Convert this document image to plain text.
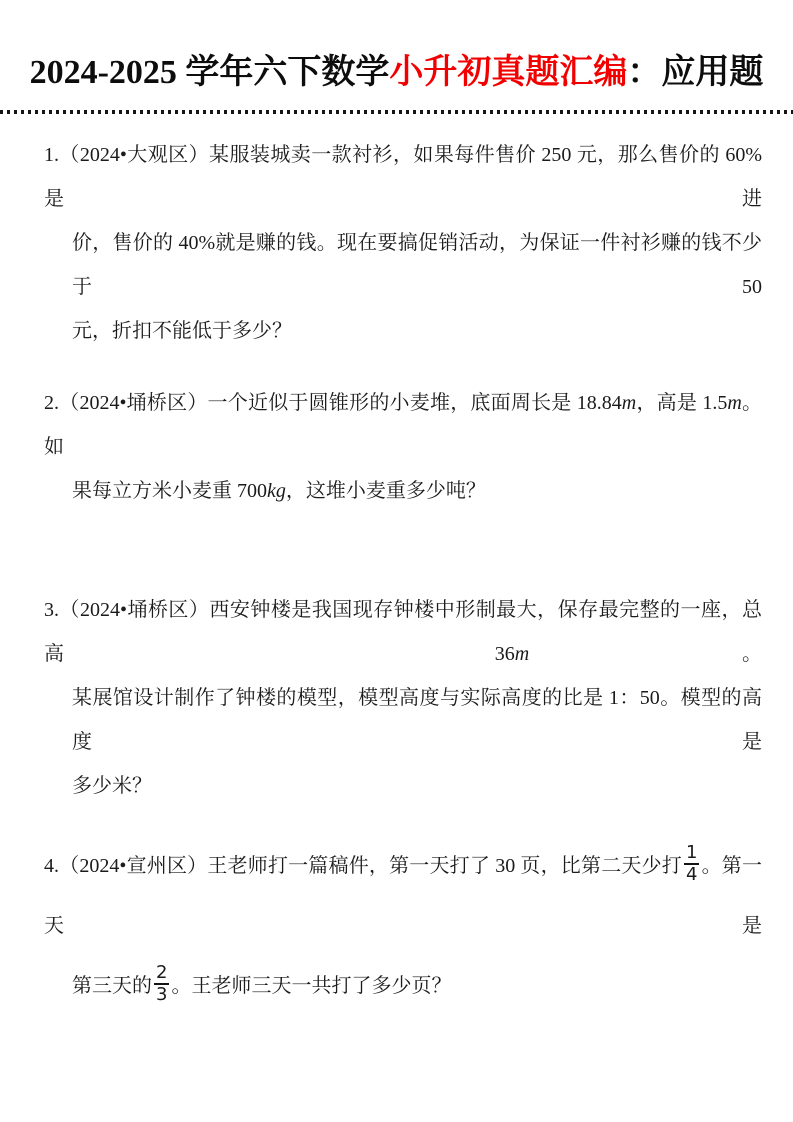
2024-2025 学年六下数学 小升初真题汇编 ：应用题
1.（2024•大观区）某服装城卖一款衬衫，如果每件售价 250 元，那么售价的 60%是进
价，售价的 40%就是赚的钱。现在要搞促销活动，为保证一件衬衫赚的钱不少于 50
元，折扣不能低于多少？
2.（2024•埇桥区）一个近似于圆锥形的小麦堆，底面周长是 18.84m，高是 1.5m。如
果每立方米小麦重 700kg，这堆小麦重多少吨？
3.（2024•埇桥区）西安钟楼是我国现存钟楼中形制最大，保存最完整的一座，总高 36m。
某展馆设计制作了钟楼的模型，模型高度与实际高度的比是 1：50。模型的高度是
多少米？
4.（2024•宣州区）王老师打一篇稿件，第一天打了 30 页，比第二天少打 $\frac{1}{4}$ 。第一天是
第三天的 $\frac{2}{3}$ 。王老师三天一共打了多少页？
